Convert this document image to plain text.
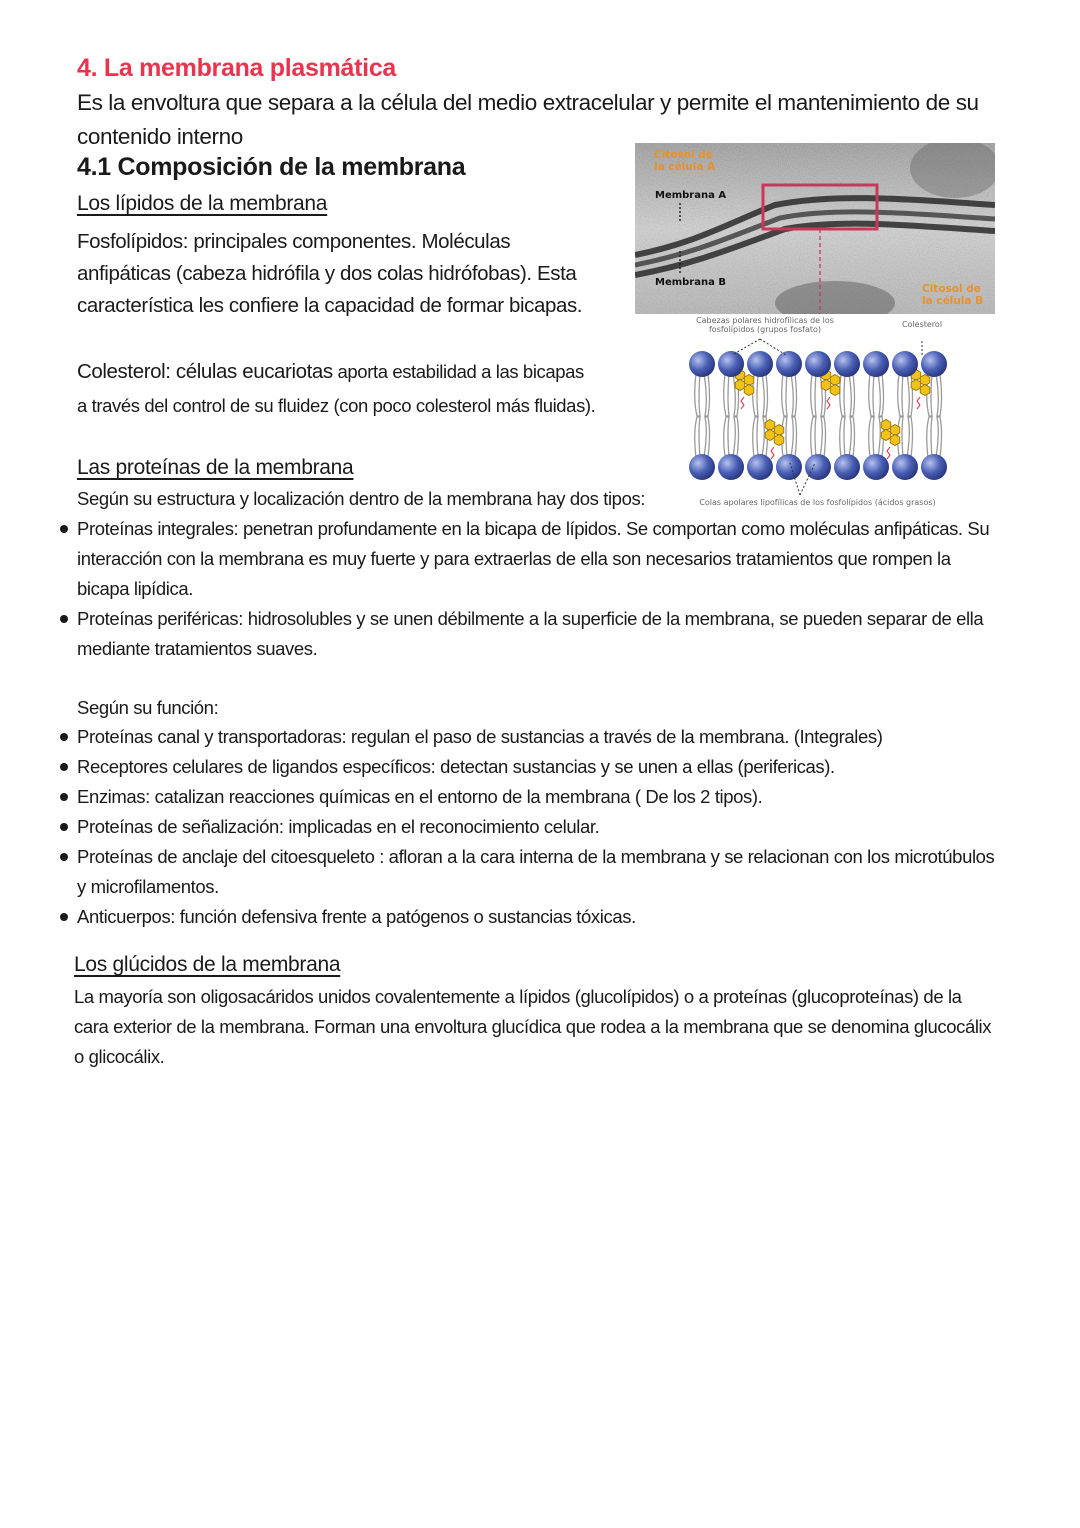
4. La membrana plasmática
Es la envoltura que separa a la célula del medio extracelular y permite el mantenimiento de su contenido interno
4.1 Composición de la membrana
Los lípidos de la membrana
Fosfolípidos: principales componentes. Moléculas anfipáticas (cabeza hidrófila y dos colas hidrófobas). Esta característica les confiere la capacidad de formar bicapas.
Colesterol: células eucariotas aporta estabilidad a las bicapas a través del control de su fluidez (con poco colesterol más fluidas).
Citosol de
la célula A
Membrana A
Membrana B
Citosol de
la célula B
Cabezas polares hidrofílicas de los
fosfolípidos (grupos fosfato)
Colesterol
Colas apolares lipofílicas de los fosfolípidos (ácidos grasos)
Las proteínas de la membrana
Según su estructura y localización dentro de la membrana hay dos tipos:
Proteínas integrales: penetran profundamente en la bicapa de lípidos. Se comportan como moléculas anfipáticas. Su interacción con la membrana es muy fuerte y para extraerlas de ella son necesarios tratamientos que rompen la bicapa lipídica.
Proteínas periféricas: hidrosolubles y se unen débilmente a la superficie de la membrana, se pueden separar de ella mediante tratamientos suaves.
Según su función:
Proteínas canal y transportadoras: regulan el paso de sustancias a través de la membrana. (Integrales)
Receptores celulares de ligandos específicos: detectan sustancias y se unen a ellas (perifericas).
Enzimas: catalizan reacciones químicas en el entorno de la membrana ( De los 2 tipos).
Proteínas de señalización: implicadas en el reconocimiento celular.
Proteínas de anclaje del citoesqueleto : afloran a la cara interna de la membrana y se relacionan con los microtúbulos y microfilamentos.
Anticuerpos: función defensiva frente a patógenos o sustancias tóxicas.
Los glúcidos de la membrana
La mayoría son oligosacáridos unidos covalentemente a lípidos (glucolípidos) o a proteínas (glucoproteínas) de la cara exterior de la membrana. Forman una envoltura glucídica que rodea a la membrana que se denomina glucocálix o glicocálix.
